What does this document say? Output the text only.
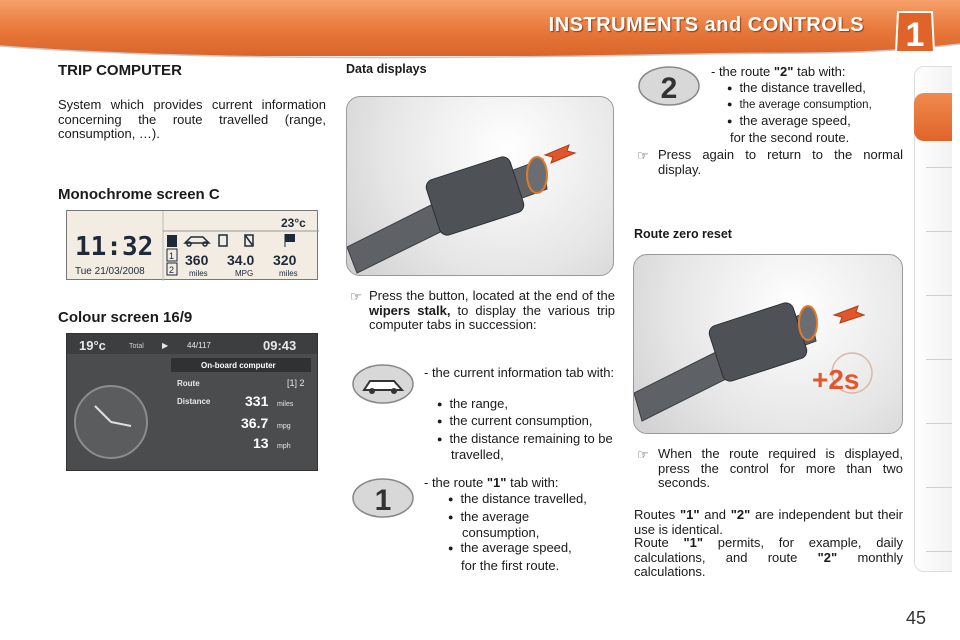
INSTRUMENTS and CONTROLS 1
TRIP COMPUTER
System which provides current information concerning the route travelled (range, consumption, …).
Monochrome screen C
11:32
Tue 21/03/2008
23°c
1
2
360 34.0 320
miles	MPG	miles
Colour screen 16/9
19°c	Total ▶ 44/117	09:43
On-board computer
Route	[1] 2
Distance 331 miles
36.7 mpg
13 mph
Data displays
☞ Press the button, located at the end of the wipers stalk, to display the various trip computer tabs in succession:
- the current information tab with:
● the range,
● the current consumption,
● the distance remaining to be travelled,
1
- the route "1" tab with:
● the distance travelled,
● the average consumption,
● the average speed,
for the first route.
2
- the route "2" tab with:
● the distance travelled,
● the average consumption,
● the average speed,
for the second route.
☞ Press again to return to the normal display.
Route zero reset
+2s
☞ When the route required is displayed, press the control for more than two seconds.
Routes "1" and "2" are independent but their use is identical.
Route "1" permits, for example, daily calculations, and route "2" monthly calculations.
45
